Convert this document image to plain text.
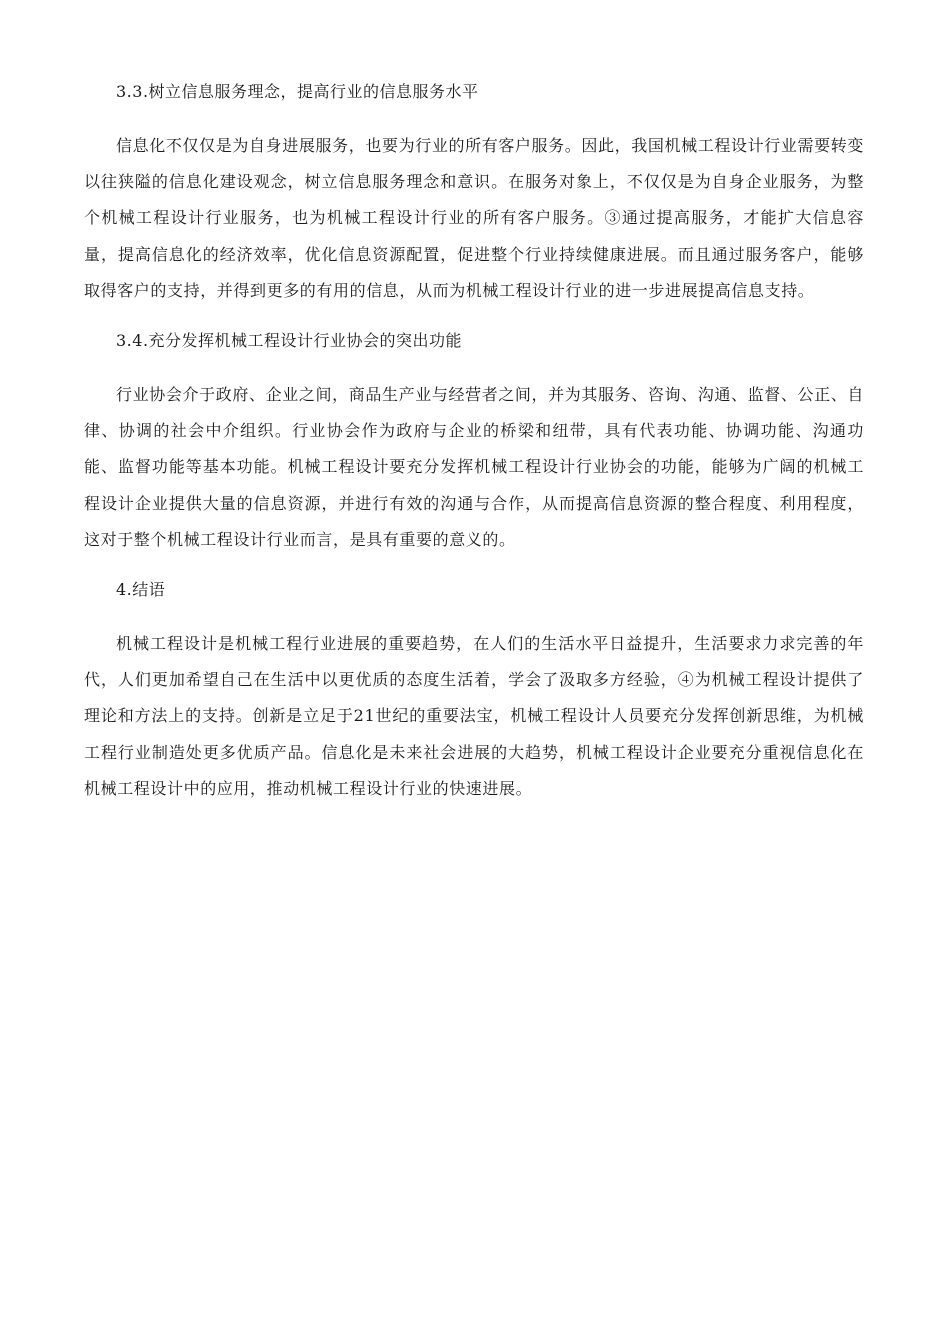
3.3.树立信息服务理念，提高行业的信息服务水平

信息化不仅仅是为自身进展服务，也要为行业的所有客户服务。因此，我国机械工程设计行业需要转变以往狭隘的信息化建设观念，树立信息服务理念和意识。在服务对象上，不仅仅是为自身企业服务，为整个机械工程设计行业服务，也为机械工程设计行业的所有客户服务。③通过提高服务，才能扩大信息容量，提高信息化的经济效率，优化信息资源配置，促进整个行业持续健康进展。而且通过服务客户，能够取得客户的支持，并得到更多的有用的信息，从而为机械工程设计行业的进一步进展提高信息支持。

3.4.充分发挥机械工程设计行业协会的突出功能

行业协会介于政府、企业之间，商品生产业与经营者之间，并为其服务、咨询、沟通、监督、公正、自律、协调的社会中介组织。行业协会作为政府与企业的桥梁和纽带，具有代表功能、协调功能、沟通功能、监督功能等基本功能。机械工程设计要充分发挥机械工程设计行业协会的功能，能够为广阔的机械工程设计企业提供大量的信息资源，并进行有效的沟通与合作，从而提高信息资源的整合程度、利用程度，这对于整个机械工程设计行业而言，是具有重要的意义的。

4.结语

机械工程设计是机械工程行业进展的重要趋势，在人们的生活水平日益提升，生活要求力求完善的年代，人们更加希望自己在生活中以更优质的态度生活着，学会了汲取多方经验，④为机械工程设计提供了理论和方法上的支持。创新是立足于21世纪的重要法宝，机械工程设计人员要充分发挥创新思维，为机械工程行业制造处更多优质产品。信息化是未来社会进展的大趋势，机械工程设计企业要充分重视信息化在机械工程设计中的应用，推动机械工程设计行业的快速进展。
